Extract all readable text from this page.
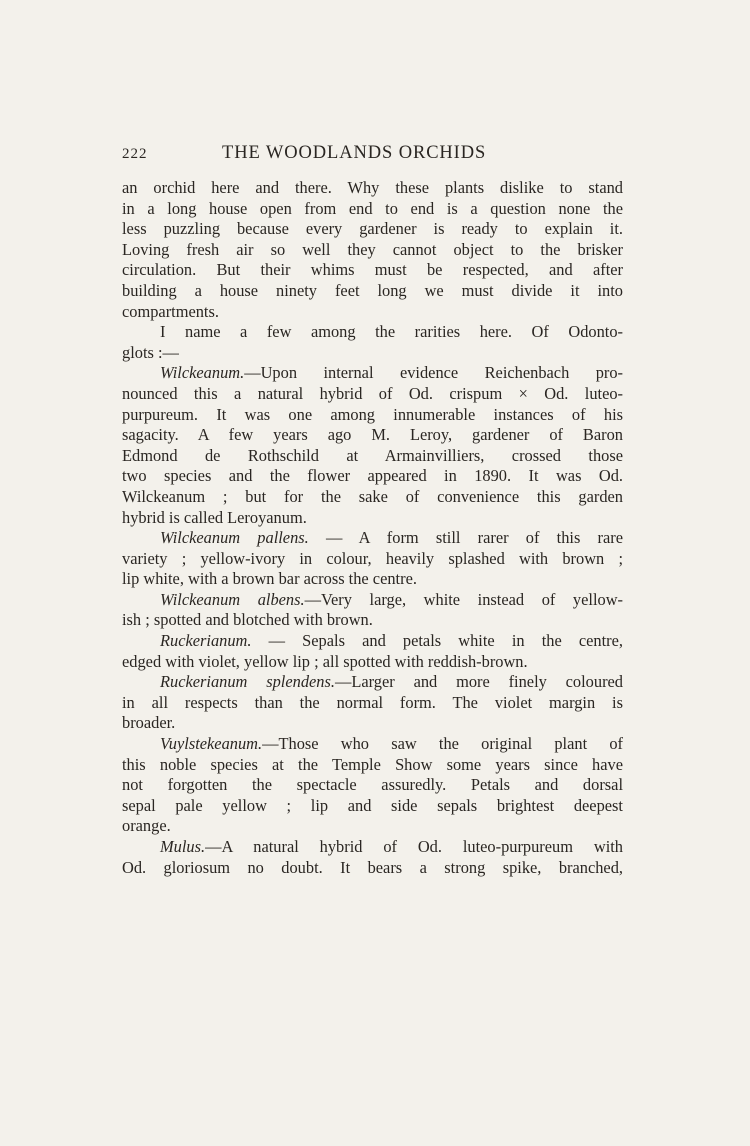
222	THE WOODLANDS ORCHIDS
an orchid here and there. Why these plants dislike to stand
in a long house open from end to end is a question none the
less puzzling because every gardener is ready to explain it.
Loving fresh air so well they cannot object to the brisker
circulation. But their whims must be respected, and after
building a house ninety feet long we must divide it into
compartments.
I name a few among the rarities here. Of Odonto-
glots :—
Wilckeanum.—Upon internal evidence Reichenbach pro-
nounced this a natural hybrid of Od. crispum × Od. luteo-
purpureum. It was one among innumerable instances of his
sagacity. A few years ago M. Leroy, gardener of Baron
Edmond de Rothschild at Armainvilliers, crossed those
two species and the flower appeared in 1890. It was Od.
Wilckeanum ; but for the sake of convenience this garden
hybrid is called Leroyanum.
Wilckeanum pallens. — A form still rarer of this rare
variety ; yellow-ivory in colour, heavily splashed with brown ;
lip white, with a brown bar across the centre.
Wilckeanum albens.—Very large, white instead of yellow-
ish ; spotted and blotched with brown.
Ruckerianum. — Sepals and petals white in the centre,
edged with violet, yellow lip ; all spotted with reddish-brown.
Ruckerianum splendens.—Larger and more finely coloured
in all respects than the normal form. The violet margin is
broader.
Vuylstekeanum.—Those who saw the original plant of
this noble species at the Temple Show some years since have
not forgotten the spectacle assuredly. Petals and dorsal
sepal pale yellow ; lip and side sepals brightest deepest
orange.
Mulus.—A natural hybrid of Od. luteo-purpureum with
Od. gloriosum no doubt. It bears a strong spike, branched,
